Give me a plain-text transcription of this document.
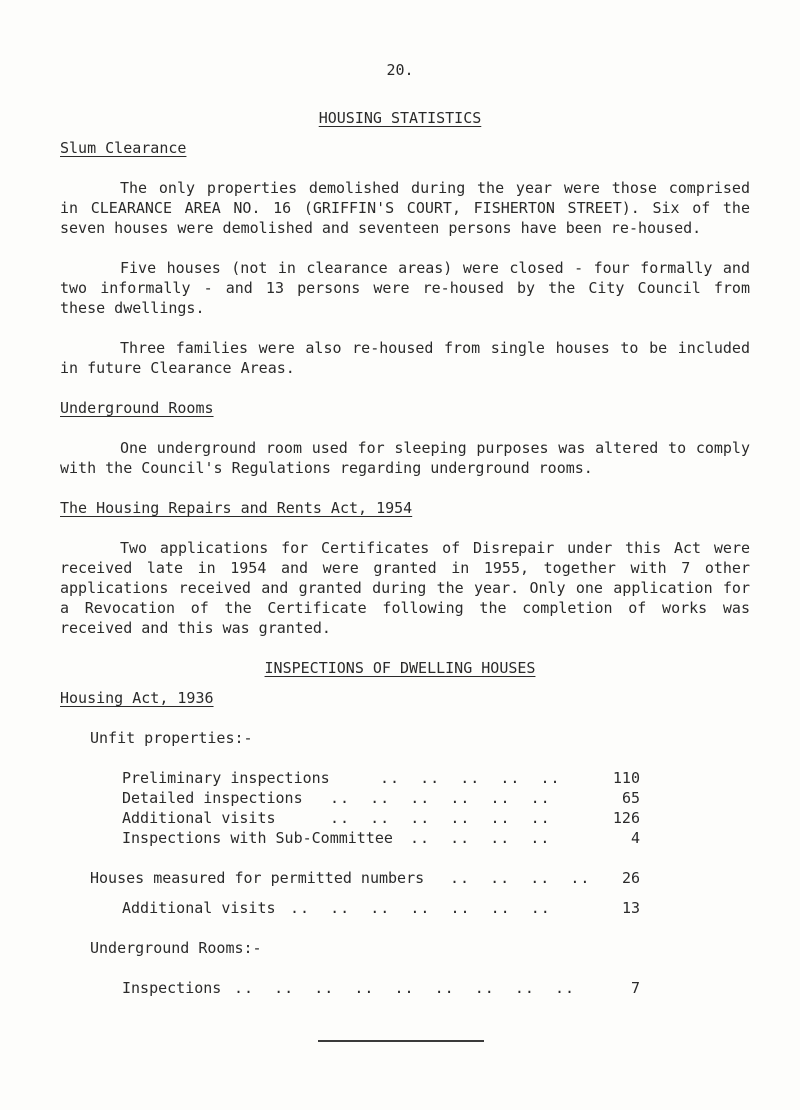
20.
HOUSING STATISTICS
Slum Clearance
The only properties demolished during the year were those comprised in CLEARANCE AREA NO. 16 (GRIFFIN'S COURT, FISHERTON STREET). Six of the seven houses were demolished and seventeen persons have been re-housed.
Five houses (not in clearance areas) were closed - four formally and two informally - and 13 persons were re-housed by the City Council from these dwellings.
Three families were also re-housed from single houses to be included in future Clearance Areas.
Underground Rooms
One underground room used for sleeping purposes was altered to comply with the Council's Regulations regarding underground rooms.
The Housing Repairs and Rents Act, 1954
Two applications for Certificates of Disrepair under this Act were received late in 1954 and were granted in 1955, together with 7 other applications received and granted during the year. Only one application for a Revocation of the Certificate following the completion of works was received and this was granted.
INSPECTIONS OF DWELLING HOUSES
Housing Act, 1936
Unfit properties:-
Preliminary inspections	..  ..  ..  ..  ..	110
Detailed inspections ..  ..  ..  ..  ..  ..	65
Additional visits	..  ..  ..  ..  ..  ..	126
Inspections with Sub-Committee ..  ..  ..  ..	4
Houses measured for permitted numbers ..  ..  ..  .. 26
Additional visits ..  ..  ..  ..  ..  ..  ..	13
Underground Rooms:-
Inspections ..  ..  ..  ..  ..  ..  ..  ..  ..	7
